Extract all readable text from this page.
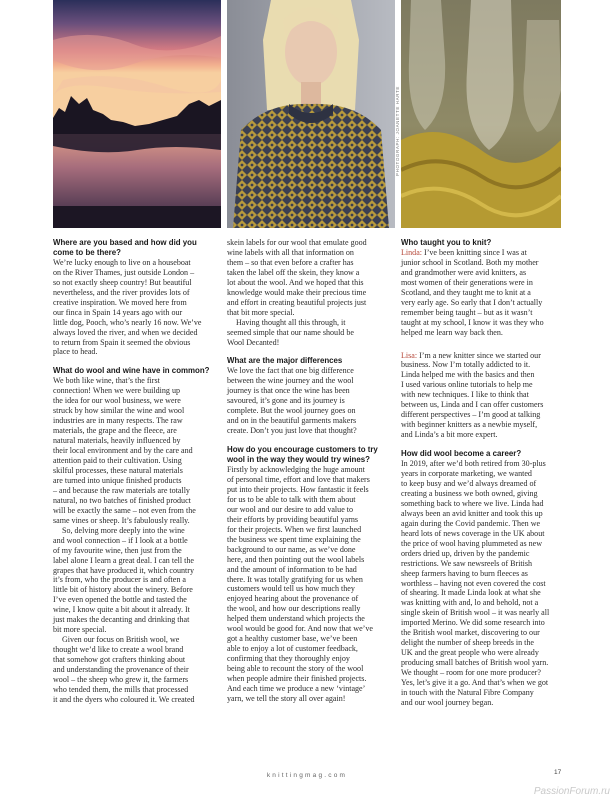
PHOTOGRAPH: JOANETTE HARTE

Where are you based and how did you come to be there?

We’re lucky enough to live on a houseboat
on the River Thames, just outside London –
so not exactly sheep country! But beautiful
nevertheless, and the river provides lots of
creative inspiration. We moved here from
our finca in Spain 14 years ago with our
little dog, Pooch, who’s nearly 16 now. We’ve
always loved the river, and when we decided
to return from Spain it seemed the obvious
place to head.

What do wool and wine have in common?

We both like wine, that’s the first
connection! When we were building up
the idea for our wool business, we were
struck by how similar the wine and wool
industries are in many respects. The raw
materials, the grape and the fleece, are
natural materials, heavily influenced by
their local environment and by the care and
attention paid to their cultivation. Using
skilful processes, these natural materials
are turned into unique finished products
– and because the raw materials are totally
natural, no two batches of finished product
will be exactly the same – not even from the
same vines or sheep. It’s fabulously really.

So, delving more deeply into the wine
and wool connection – if I look at a bottle
of my favourite wine, then just from the
label alone I learn a great deal. I can tell the
grapes that have produced it, which country
it’s from, who the producer is and often a
little bit of history about the winery. Before
I’ve even opened the bottle and tasted the
wine, I know quite a bit about it already. It
just makes the decanting and drinking that
bit more special.

Given our focus on British wool, we
thought we’d like to create a wool brand
that somehow got crafters thinking about
and understanding the provenance of their
wool – the sheep who grew it, the farmers
who tended them, the mills that processed
it and the dyers who coloured it. We created

skein labels for our wool that emulate good
wine labels with all that information on
them – so that even before a crafter has
taken the label off the skein, they know a
lot about the wool. And we hoped that this
knowledge would make their precious time
and effort in creating beautiful projects just
that bit more special.

Having thought all this through, it
seemed simple that our name should be
Wool Decanted!

What are the major differences

We love the fact that one big difference
between the wine journey and the wool
journey is that once the wine has been
savoured, it’s gone and its journey is
complete. But the wool journey goes on
and on in the beautiful garments makers
create. Don’t you just love that thought?

How do you encourage customers to try
wool in the way they would try wines?

Firstly by acknowledging the huge amount
of personal time, effort and love that makers
put into their projects. How fantastic it feels
for us to be able to talk with them about
our wool and our desire to add value to
their efforts by providing beautiful yarns
for their projects. When we first launched
the business we spent time explaining the
background to our name, as we’ve done
here, and then pointing out the wool labels
and the amount of information to be had
there. It was totally gratifying for us when
customers would tell us how much they
enjoyed hearing about the provenance of
the wool, and how our descriptions really
helped them understand which projects the
wool would be good for. And now that we’ve
got a healthy customer base, we’ve been
able to enjoy a lot of customer feedback,
confirming that they thoroughly enjoy
being able to recount the story of the wool
when people admire their finished projects.
And each time we produce a new ‘vintage’
yarn, we tell the story all over again!

Who taught you to knit?

Linda: I’ve been knitting since I was at
junior school in Scotland. Both my mother
and grandmother were avid knitters, as
most women of their generations were in
Scotland, and they taught me to knit at a
very early age. So early that I don’t actually
remember being taught – but as it wasn’t
taught at my school, I know it was they who
helped me learn way back then.

Lisa: I’m a new knitter since we started our
business. Now I’m totally addicted to it.
Linda helped me with the basics and then
I used various online tutorials to help me
with new techniques. I like to think that
between us, Linda and I can offer customers
different perspectives – I’m good at talking
with beginner knitters as a newbie myself,
and Linda’s a bit more expert.

How did wool become a career?

In 2019, after we’d both retired from 30-plus
years in corporate marketing, we wanted
to keep busy and we’d always dreamed of
creating a business we both owned, giving
something back to where we live. Linda had
always been an avid knitter and took this up
again during the Covid pandemic. Then we
heard lots of news coverage in the UK about
the price of wool having plummeted as new
orders dried up, driven by the pandemic
restrictions. We saw newsreels of British
sheep farmers having to burn fleeces as
worthless – having not even covered the cost
of shearing. It made Linda look at what she
was knitting with and, lo and behold, not a
single skein of British wool – it was nearly all
imported Merino. We did some research into
the British wool market, discovering to our
delight the number of sheep breeds in the
UK and the great people who were already
producing small batches of British wool yarn.
We thought – room for one more producer?
Yes, let’s give it a go. And that’s when we got
in touch with the Natural Fibre Company
and our wool journey began.

knittingmag.com	17
PassionForum.ru
